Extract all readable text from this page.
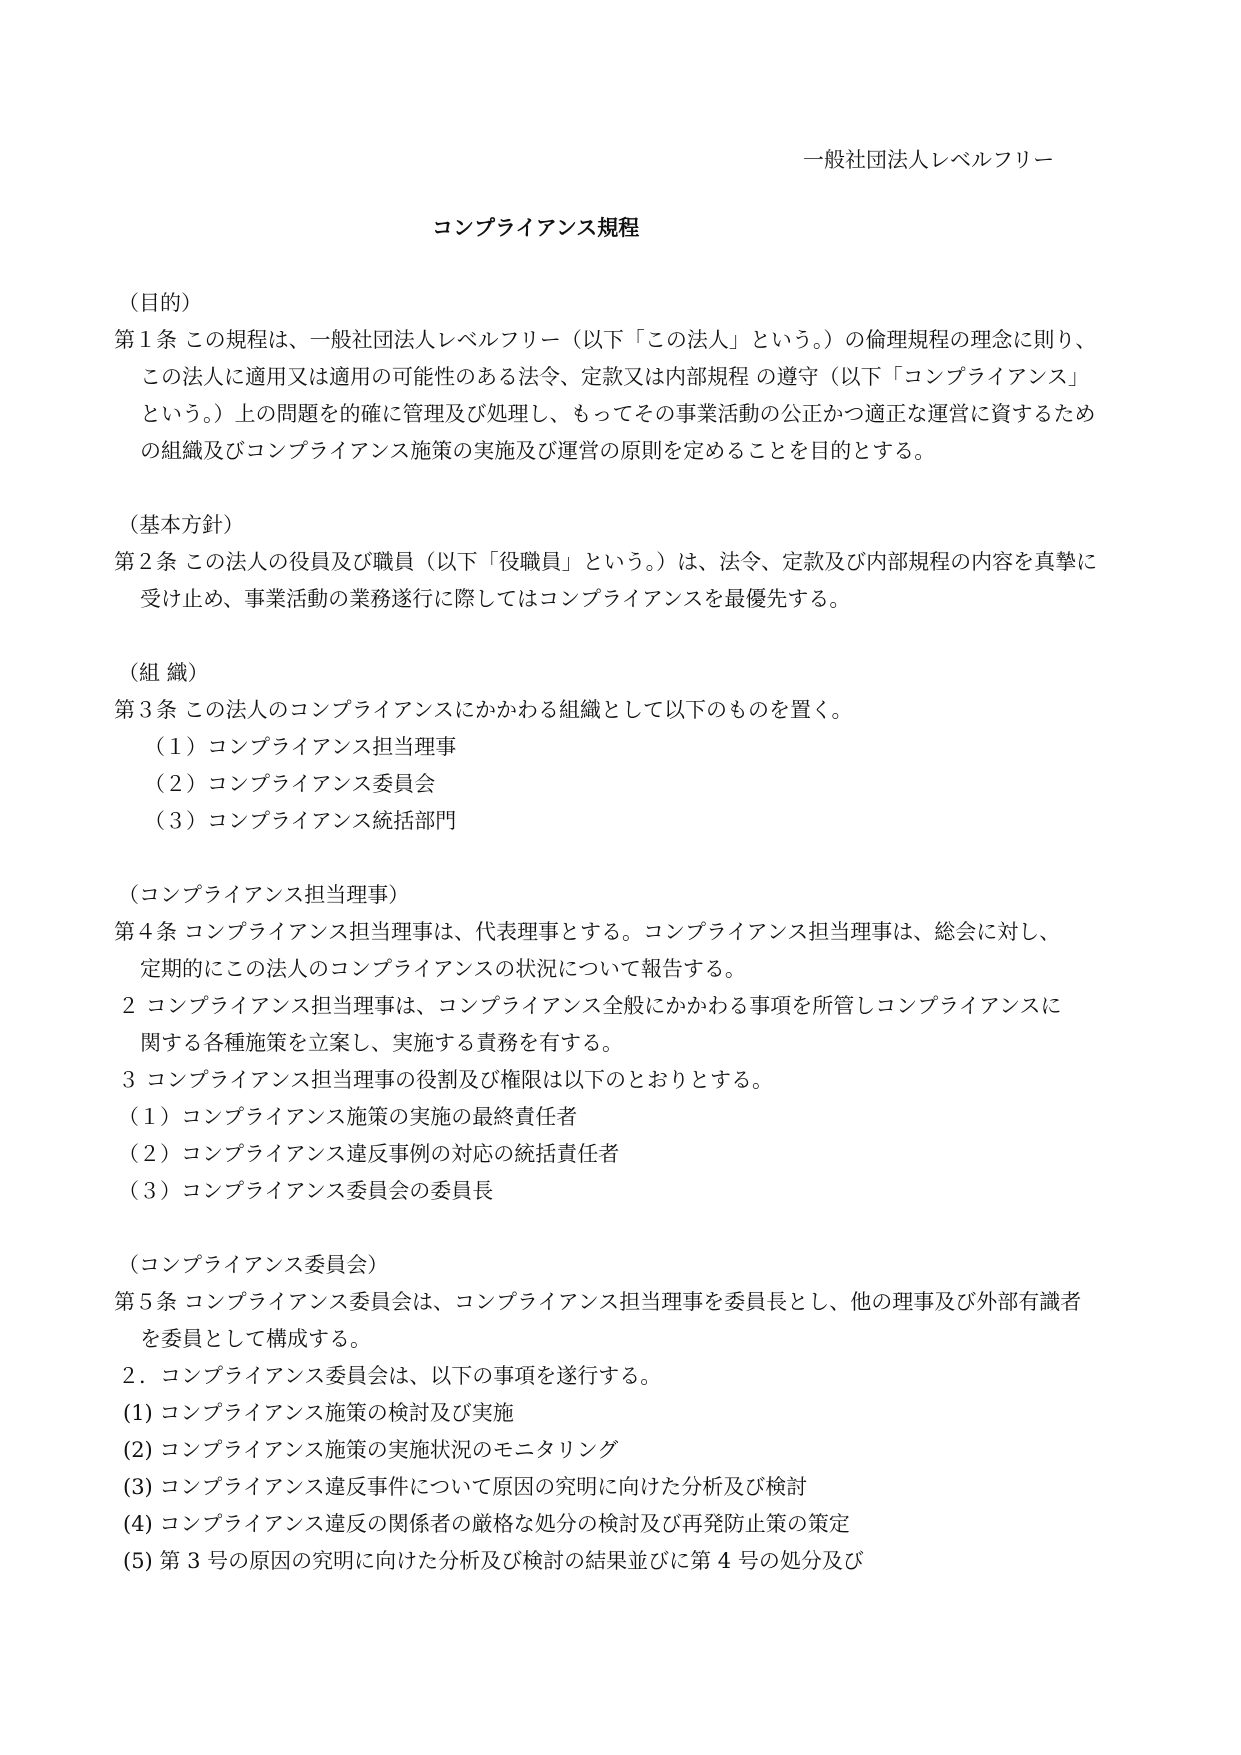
一般社団法人レベルフリー
コンプライアンス規程
（目的）
第１条 この規程は、一般社団法人レベルフリー（以下「この法人」という。）の倫理規程の理念に則り、
この法人に適用又は適用の可能性のある法令、定款又は内部規程 の遵守（以下「コンプライアンス」
という。）上の問題を的確に管理及び処理し、もってその事業活動の公正かつ適正な運営に資するため
の組織及びコンプライアンス施策の実施及び運営の原則を定めることを目的とする。
（基本方針）
第２条 この法人の役員及び職員（以下「役職員」という。）は、法令、定款及び内部規程の内容を真摯に
受け止め、事業活動の業務遂行に際してはコンプライアンスを最優先する。
（組 織）
第３条 この法人のコンプライアンスにかかわる組織として以下のものを置く。
（１）コンプライアンス担当理事
（２）コンプライアンス委員会
（３）コンプライアンス統括部門
（コンプライアンス担当理事）
第４条 コンプライアンス担当理事は、代表理事とする。コンプライアンス担当理事は、総会に対し、
定期的にこの法人のコンプライアンスの状況について報告する。
２ コンプライアンス担当理事は、コンプライアンス全般にかかわる事項を所管しコンプライアンスに
関する各種施策を立案し、実施する責務を有する。
３ コンプライアンス担当理事の役割及び権限は以下のとおりとする。
（１）コンプライアンス施策の実施の最終責任者
（２）コンプライアンス違反事例の対応の統括責任者
（３）コンプライアンス委員会の委員長
（コンプライアンス委員会）
第５条 コンプライアンス委員会は、コンプライアンス担当理事を委員長とし、他の理事及び外部有識者
を委員として構成する。
２．コンプライアンス委員会は、以下の事項を遂行する。
(1) コンプライアンス施策の検討及び実施
(2) コンプライアンス施策の実施状況のモニタリング
(3) コンプライアンス違反事件について原因の究明に向けた分析及び検討
(4) コンプライアンス違反の関係者の厳格な処分の検討及び再発防止策の策定
(5) 第 3 号の原因の究明に向けた分析及び検討の結果並びに第 4 号の処分及び
